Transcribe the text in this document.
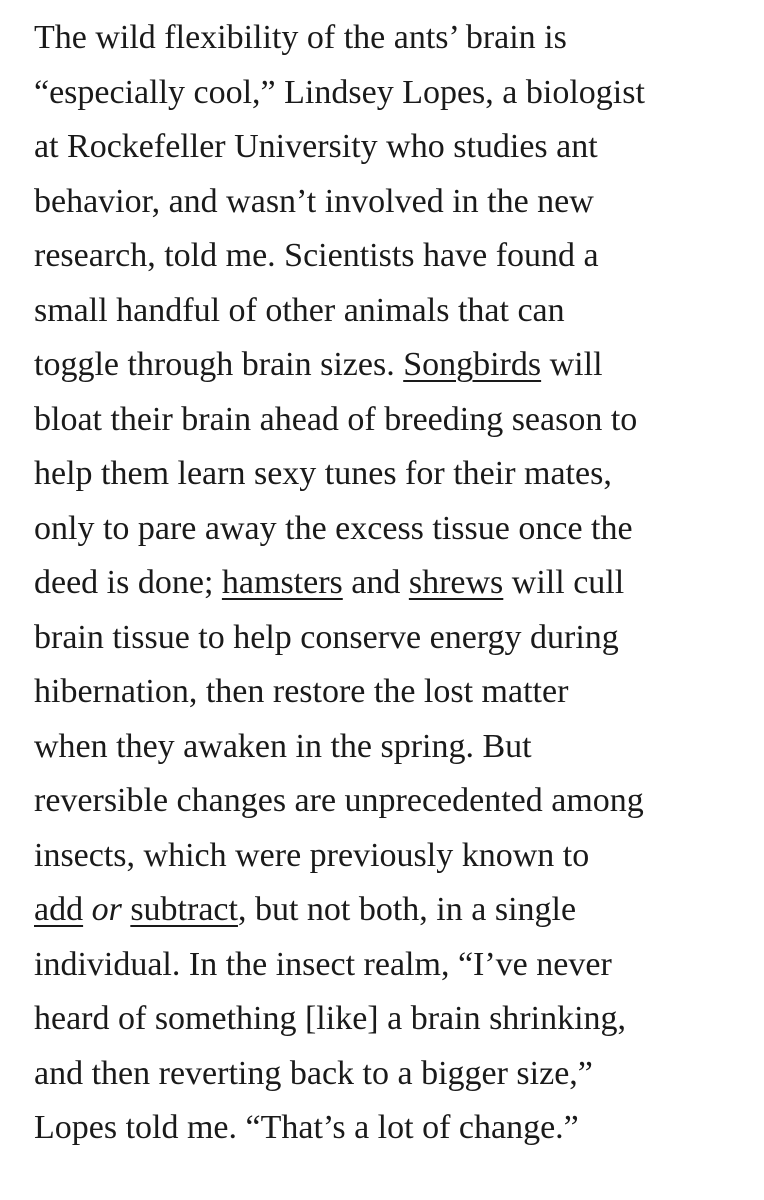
The wild flexibility of the ants’ brain is
“especially cool,” Lindsey Lopes, a biologist
at Rockefeller University who studies ant
behavior, and wasn’t involved in the new
research, told me. Scientists have found a
small handful of other animals that can
toggle through brain sizes. Songbirds will
bloat their brain ahead of breeding season to
help them learn sexy tunes for their mates,
only to pare away the excess tissue once the
deed is done; hamsters and shrews will cull
brain tissue to help conserve energy during
hibernation, then restore the lost matter
when they awaken in the spring. But
reversible changes are unprecedented among
insects, which were previously known to
add or subtract, but not both, in a single
individual. In the insect realm, “I’ve never
heard of something [like] a brain shrinking,
and then reverting back to a bigger size,”
Lopes told me. “That’s a lot of change.”
